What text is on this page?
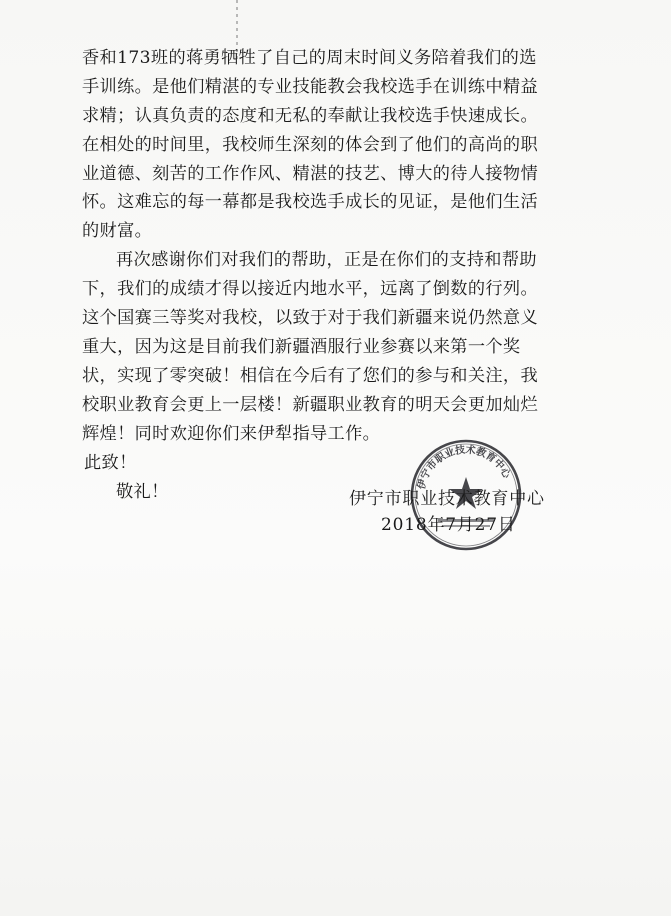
香和173班的蒋勇牺牲了自己的周末时间义务陪着我们的选
手训练。是他们精湛的专业技能教会我校选手在训练中精益
求精；认真负责的态度和无私的奉献让我校选手快速成长。
在相处的时间里，我校师生深刻的体会到了他们的高尚的职
业道德、刻苦的工作作风、精湛的技艺、博大的待人接物情
怀。这难忘的每一幕都是我校选手成长的见证，是他们生活
的财富。
再次感谢你们对我们的帮助，正是在你们的支持和帮助
下，我们的成绩才得以接近内地水平，远离了倒数的行列。
这个国赛三等奖对我校，以致于对于我们新疆来说仍然意义
重大，因为这是目前我们新疆酒服行业参赛以来第一个奖
状，实现了零突破！相信在今后有了您们的参与和关注，我
校职业教育会更上一层楼！新疆职业教育的明天会更加灿烂
辉煌！同时欢迎你们来伊犁指导工作。
此致！
敬礼！	伊宁市职业技术教育中心
伊宁市职业技术教育中心
2018年7月27日
